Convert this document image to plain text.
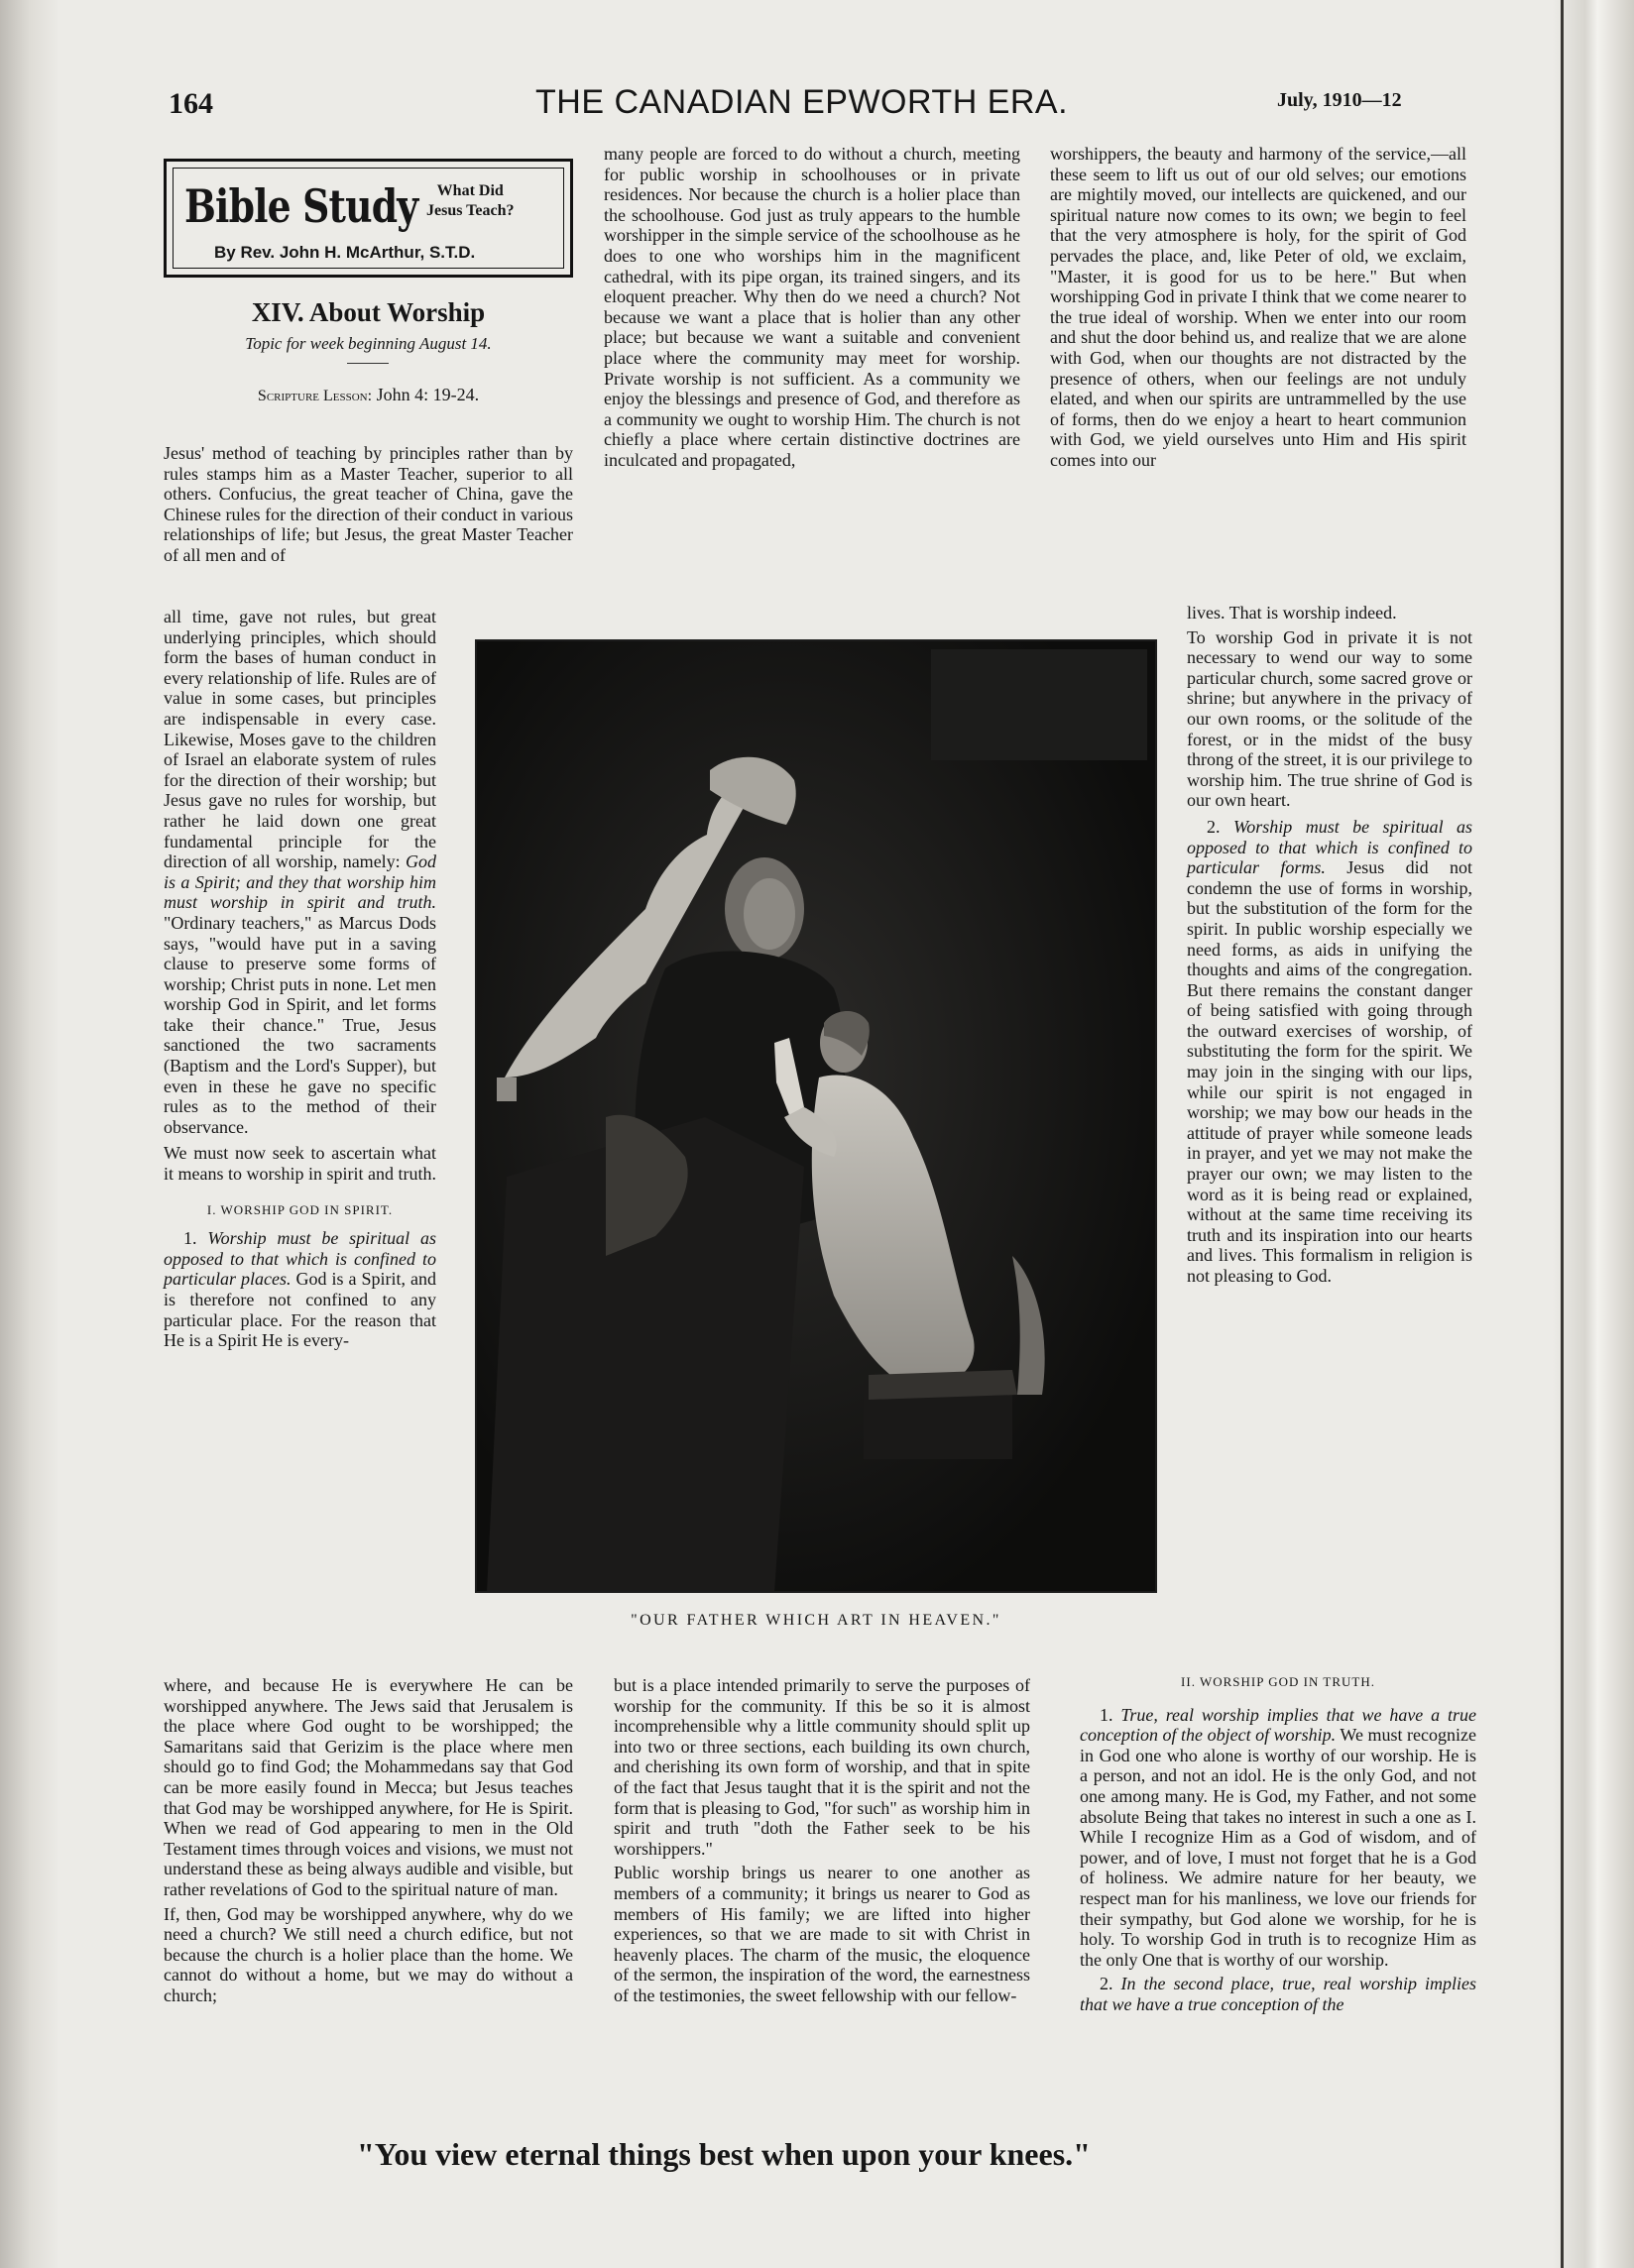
164	THE CANADIAN EPWORTH ERA.	July, 1910—12
Bible Study	What Did
Jesus Teach?
By Rev. John H. McArthur, S.T.D.
XIV. About Worship
Topic for week beginning August 14.
Scripture Lesson: John 4: 19-24.

Jesus' method of teaching by principles rather than by rules stamps him as a Master Teacher, superior to all others. Confucius, the great teacher of China, gave the Chinese rules for the direction of their conduct in various relationships of life; but Jesus, the great Master Teacher of all men and of

all time, gave not rules, but great underlying principles, which should form the bases of human conduct in every relationship of life. Rules are of value in some cases, but principles are indispensable in every case. Likewise, Moses gave to the children of Israel an elaborate system of rules for the direction of their worship; but Jesus gave no rules for worship, but rather he laid down one great fundamental principle for the direction of all worship, namely: God is a Spirit; and they that worship him must worship in spirit and truth. "Ordinary teachers," as Marcus Dods says, "would have put in a saving clause to preserve some forms of worship; Christ puts in none. Let men worship God in Spirit, and let forms take their chance." True, Jesus sanctioned the two sacraments (Baptism and the Lord's Supper), but even in these he gave no specific rules as to the method of their observance.

We must now seek to ascertain what it means to worship in spirit and truth.

I. WORSHIP GOD IN SPIRIT.

1. Worship must be spiritual as opposed to that which is confined to particular places. God is a Spirit, and is therefore not confined to any particular place. For the reason that He is a Spirit He is every-

where, and because He is everywhere He can be worshipped anywhere. The Jews said that Jerusalem is the place where God ought to be worshipped; the Samaritans said that Gerizim is the place where men should go to find God; the Mohammedans say that God can be more easily found in Mecca; but Jesus teaches that God may be worshipped anywhere, for He is Spirit. When we read of God appearing to men in the Old Testament times through voices and visions, we must not understand these as being always audible and visible, but rather revelations of God to the spiritual nature of man.

If, then, God may be worshipped anywhere, why do we need a church? We still need a church edifice, but not because the church is a holier place than the home. We cannot do without a home, but we may do without a church;

many people are forced to do without a church, meeting for public worship in schoolhouses or in private residences. Nor because the church is a holier place than the schoolhouse. God just as truly appears to the humble worshipper in the simple service of the schoolhouse as he does to one who worships him in the magnificent cathedral, with its pipe organ, its trained singers, and its eloquent preacher. Why then do we need a church? Not because we want a place that is holier than any other place; but because we want a suitable and convenient place where the community may meet for worship. Private worship is not sufficient. As a community we enjoy the blessings and presence of God, and therefore as a community we ought to worship Him. The church is not chiefly a place where certain distinctive doctrines are inculcated and propagated,

but is a place intended primarily to serve the purposes of worship for the community. If this be so it is almost incomprehensible why a little community should split up into two or three sections, each building its own church, and cherishing its own form of worship, and that in spite of the fact that Jesus taught that it is the spirit and not the form that is pleasing to God, "for such" as worship him in spirit and truth "doth the Father seek to be his worshippers."

Public worship brings us nearer to one another as members of a community; it brings us nearer to God as members of His family; we are lifted into higher experiences, so that we are made to sit with Christ in heavenly places. The charm of the music, the eloquence of the sermon, the inspiration of the word, the earnestness of the testimonies, the sweet fellowship with our fellow-

worshippers, the beauty and harmony of the service,—all these seem to lift us out of our old selves; our emotions are mightily moved, our intellects are quickened, and our spiritual nature now comes to its own; we begin to feel that the very atmosphere is holy, for the spirit of God pervades the place, and, like Peter of old, we exclaim, "Master, it is good for us to be here." But when worshipping God in private I think that we come nearer to the true ideal of worship. When we enter into our room and shut the door behind us, and realize that we are alone with God, when our thoughts are not distracted by the presence of others, when our feelings are not unduly elated, and when our spirits are untrammelled by the use of forms, then do we enjoy a heart to heart communion with God, we yield ourselves unto Him and His spirit comes into our

lives. That is worship indeed.

To worship God in private it is not necessary to wend our way to some particular church, some sacred grove or shrine; but anywhere in the privacy of our own rooms, or the solitude of the forest, or in the midst of the busy throng of the street, it is our privilege to worship him. The true shrine of God is our own heart.

2. Worship must be spiritual as opposed to that which is confined to particular forms. Jesus did not condemn the use of forms in worship, but the substitution of the form for the spirit. In public worship especially we need forms, as aids in unifying the thoughts and aims of the congregation. But there remains the constant danger of being satisfied with going through the outward exercises of worship, of substituting the form for the spirit. We may join in the singing with our lips, while our spirit is not engaged in worship; we may bow our heads in the attitude of prayer while someone leads in prayer, and yet we may not make the prayer our own; we may listen to the word as it is being read or explained, without at the same time receiving its truth and its inspiration into our hearts and lives. This formalism in religion is not pleasing to God.

II. WORSHIP GOD IN TRUTH.

1. True, real worship implies that we have a true conception of the object of worship. We must recognize in God one who alone is worthy of our worship. He is a person, and not an idol. He is the only God, and not one among many. He is God, my Father, and not some absolute Being that takes no interest in such a one as I. While I recognize Him as a God of wisdom, and of power, and of love, I must not forget that he is a God of holiness. We admire nature for her beauty, we respect man for his manliness, we love our friends for their sympathy, but God alone we worship, for he is holy. To worship God in truth is to recognize Him as the only One that is worthy of our worship.

2. In the second place, true, real worship implies that we have a true conception of the

"OUR FATHER WHICH ART IN HEAVEN."
"You view eternal things best when upon your knees."
